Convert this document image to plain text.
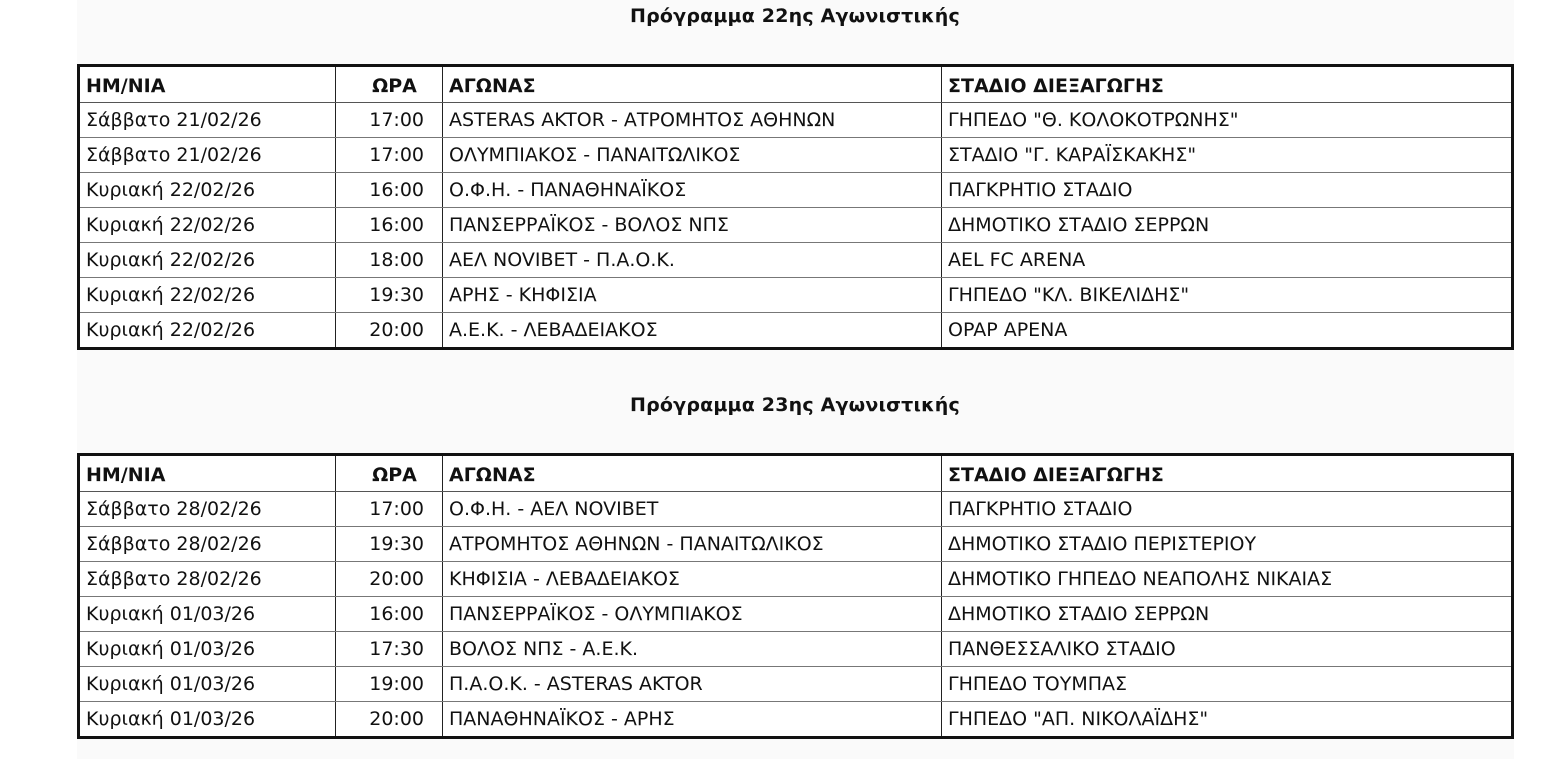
Πρόγραμμα 22ης Αγωνιστικής
ΗΜ/ΝΙΑ	ΩΡΑ	ΑΓΩΝΑΣ	ΣΤΑΔΙΟ ΔΙΕΞΑΓΩΓΗΣ
Σάββατο 21/02/26	17:00	ASTERAS AKTOR - ΑΤΡΟΜΗΤΟΣ ΑΘΗΝΩΝ	ΓΗΠΕΔΟ "Θ. ΚΟΛΟΚΟΤΡΩΝΗΣ"
Σάββατο 21/02/26	17:00	ΟΛΥΜΠΙΑΚΟΣ - ΠΑΝΑΙΤΩΛΙΚΟΣ	ΣΤΑΔΙΟ "Γ. ΚΑΡΑΪΣΚΑΚΗΣ"
Κυριακή 22/02/26	16:00	Ο.Φ.Η. - ΠΑΝΑΘΗΝΑΪΚΟΣ	ΠΑΓΚΡΗΤΙΟ ΣΤΑΔΙΟ
Κυριακή 22/02/26	16:00	ΠΑΝΣΕΡΡΑΪΚΟΣ - ΒΟΛΟΣ ΝΠΣ	ΔΗΜΟΤΙΚΟ ΣΤΑΔΙΟ ΣΕΡΡΩΝ
Κυριακή 22/02/26	18:00	ΑΕΛ NOVIBET - Π.Α.Ο.Κ.	AEL FC ARENA
Κυριακή 22/02/26	19:30	ΑΡΗΣ - ΚΗΦΙΣΙΑ	ΓΗΠΕΔΟ "ΚΛ. ΒΙΚΕΛΙΔΗΣ"
Κυριακή 22/02/26	20:00	Α.Ε.Κ. - ΛΕΒΑΔΕΙΑΚΟΣ	OPAP APENA
Πρόγραμμα 23ης Αγωνιστικής
ΗΜ/ΝΙΑ	ΩΡΑ	ΑΓΩΝΑΣ	ΣΤΑΔΙΟ ΔΙΕΞΑΓΩΓΗΣ
Σάββατο 28/02/26	17:00	Ο.Φ.Η. - ΑΕΛ NOVIBET	ΠΑΓΚΡΗΤΙΟ ΣΤΑΔΙΟ
Σάββατο 28/02/26	19:30	ΑΤΡΟΜΗΤΟΣ ΑΘΗΝΩΝ - ΠΑΝΑΙΤΩΛΙΚΟΣ	ΔΗΜΟΤΙΚΟ ΣΤΑΔΙΟ ΠΕΡΙΣΤΕΡΙΟΥ
Σάββατο 28/02/26	20:00	ΚΗΦΙΣΙΑ - ΛΕΒΑΔΕΙΑΚΟΣ	ΔΗΜΟΤΙΚΟ ΓΗΠΕΔΟ ΝΕΑΠΟΛΗΣ ΝΙΚΑΙΑΣ
Κυριακή 01/03/26	16:00	ΠΑΝΣΕΡΡΑΪΚΟΣ - ΟΛΥΜΠΙΑΚΟΣ	ΔΗΜΟΤΙΚΟ ΣΤΑΔΙΟ ΣΕΡΡΩΝ
Κυριακή 01/03/26	17:30	ΒΟΛΟΣ ΝΠΣ - Α.Ε.Κ.	ΠΑΝΘΕΣΣΑΛΙΚΟ ΣΤΑΔΙΟ
Κυριακή 01/03/26	19:00	Π.Α.Ο.Κ. - ASTERAS AKTOR	ΓΗΠΕΔΟ ΤΟΥΜΠΑΣ
Κυριακή 01/03/26	20:00	ΠΑΝΑΘΗΝΑΪΚΟΣ - ΑΡΗΣ	ΓΗΠΕΔΟ "ΑΠ. ΝΙΚΟΛΑΪΔΗΣ"
